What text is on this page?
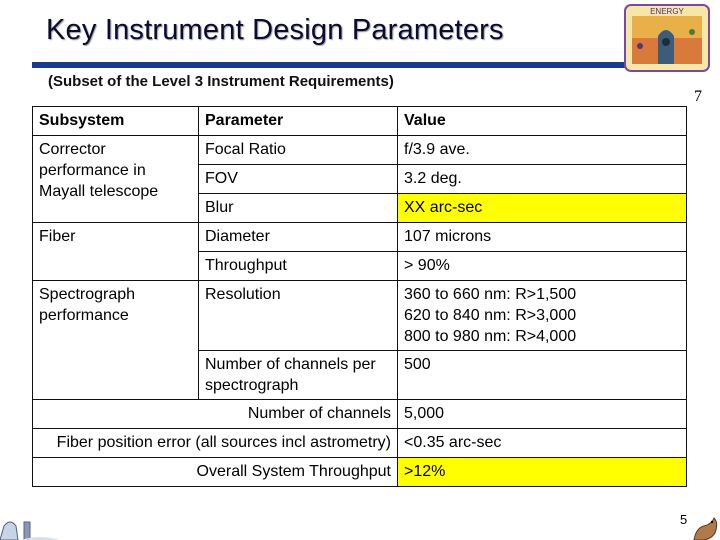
Key Instrument Design Parameters
(Subset of the Level 3 Instrument Requirements)
ENERGY
7
Subsystem	Parameter	Value
Corrector performance in Mayall telescope	Focal Ratio	f/3.9 ave.
	FOV	3.2 deg.
	Blur	XX arc-sec
Fiber	Diameter	107 microns
	Throughput	> 90%
Spectrograph performance	Resolution	360 to 660 nm: R>1,500
620 to 840 nm: R>3,000
800 to 980 nm: R>4,000

	Number of channels per spectrograph	500
Number of channels		5,000
Fiber position error (all sources incl astrometry)		<0.35 arc-sec
Overall System Throughput		>12%
5
